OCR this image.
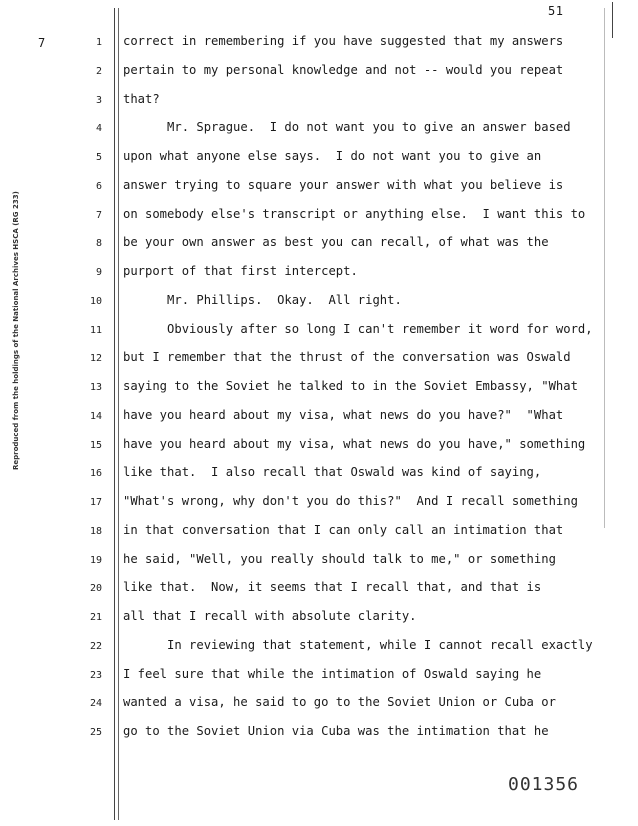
51
7
Reproduced from the holdings of the National Archives HSCA (RG 233)
1 correct in remembering if you have suggested that my answers
2 pertain to my personal knowledge and not -- would you repeat
3 that?
4 Mr. Sprague.  I do not want you to give an answer based
5 upon what anyone else says.  I do not want you to give an
6 answer trying to square your answer with what you believe is
7 on somebody else's transcript or anything else.  I want this to
8 be your own answer as best you can recall, of what was the
9 purport of that first intercept.
10 Mr. Phillips.  Okay.  All right.
11 Obviously after so long I can't remember it word for word,
12 but I remember that the thrust of the conversation was Oswald
13 saying to the Soviet he talked to in the Soviet Embassy, "What
14 have you heard about my visa, what news do you have?"  "What
15 have you heard about my visa, what news do you have," something
16 like that.  I also recall that Oswald was kind of saying,
17 "What's wrong, why don't you do this?"  And I recall something
18 in that conversation that I can only call an intimation that
19 he said, "Well, you really should talk to me," or something
20 like that.  Now, it seems that I recall that, and that is
21 all that I recall with absolute clarity.
22 In reviewing that statement, while I cannot recall exactly
23 I feel sure that while the intimation of Oswald saying he
24 wanted a visa, he said to go to the Soviet Union or Cuba or
25 go to the Soviet Union via Cuba was the intimation that he
001356
